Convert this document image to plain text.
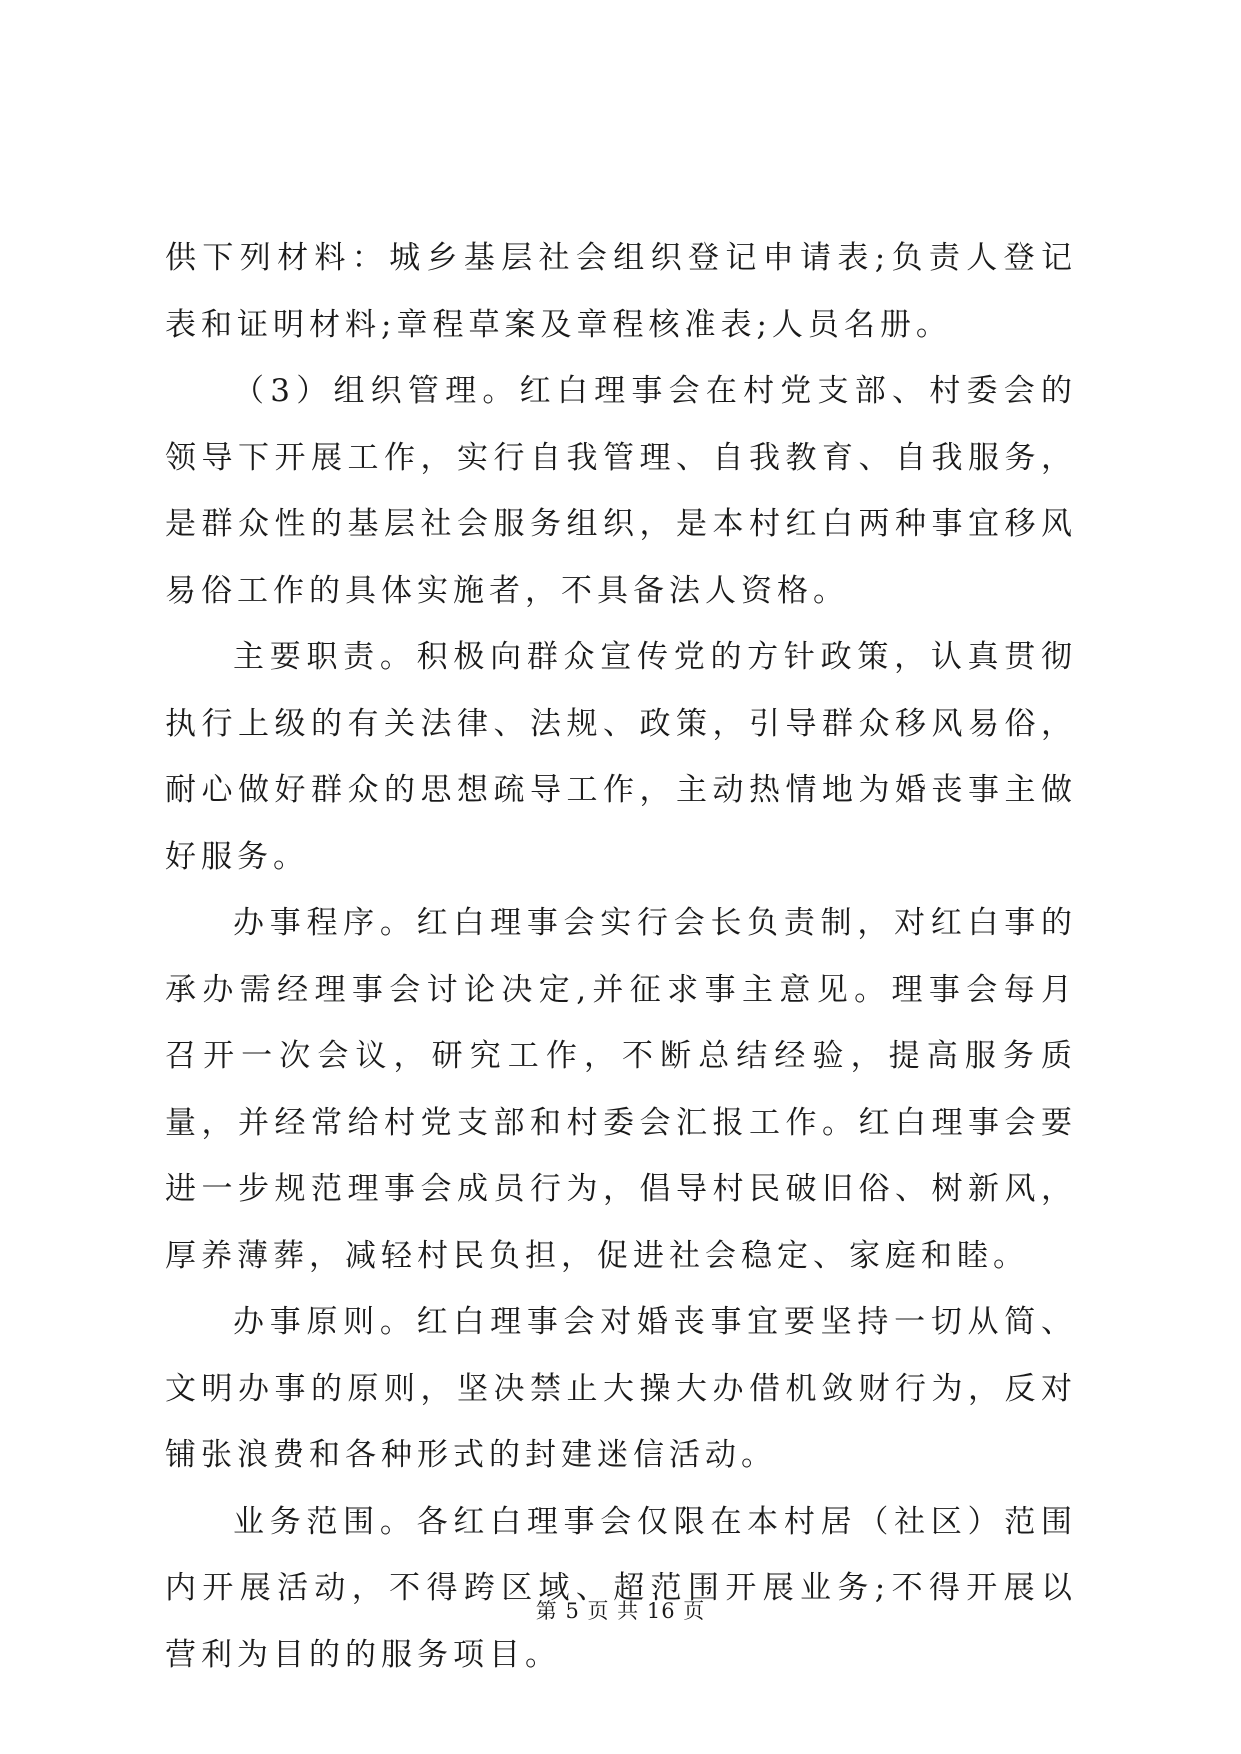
供下列材料：城乡基层社会组织登记申请表;负责人登记表和证明材料;章程草案及章程核准表;人员名册。

（3）组织管理。红白理事会在村党支部、村委会的领导下开展工作，实行自我管理、自我教育、自我服务，是群众性的基层社会服务组织，是本村红白两种事宜移风易俗工作的具体实施者，不具备法人资格。

主要职责。积极向群众宣传党的方针政策，认真贯彻执行上级的有关法律、法规、政策，引导群众移风易俗，耐心做好群众的思想疏导工作，主动热情地为婚丧事主做好服务。

办事程序。红白理事会实行会长负责制，对红白事的承办需经理事会讨论决定,并征求事主意见。理事会每月召开一次会议，研究工作，不断总结经验，提高服务质量，并经常给村党支部和村委会汇报工作。红白理事会要进一步规范理事会成员行为，倡导村民破旧俗、树新风，厚养薄葬，减轻村民负担，促进社会稳定、家庭和睦。

办事原则。红白理事会对婚丧事宜要坚持一切从简、文明办事的原则，坚决禁止大操大办借机敛财行为，反对铺张浪费和各种形式的封建迷信活动。

业务范围。各红白理事会仅限在本村居（社区）范围内开展活动，不得跨区域、超范围开展业务;不得开展以营利为目的的服务项目。

第 5 页 共 16 页
